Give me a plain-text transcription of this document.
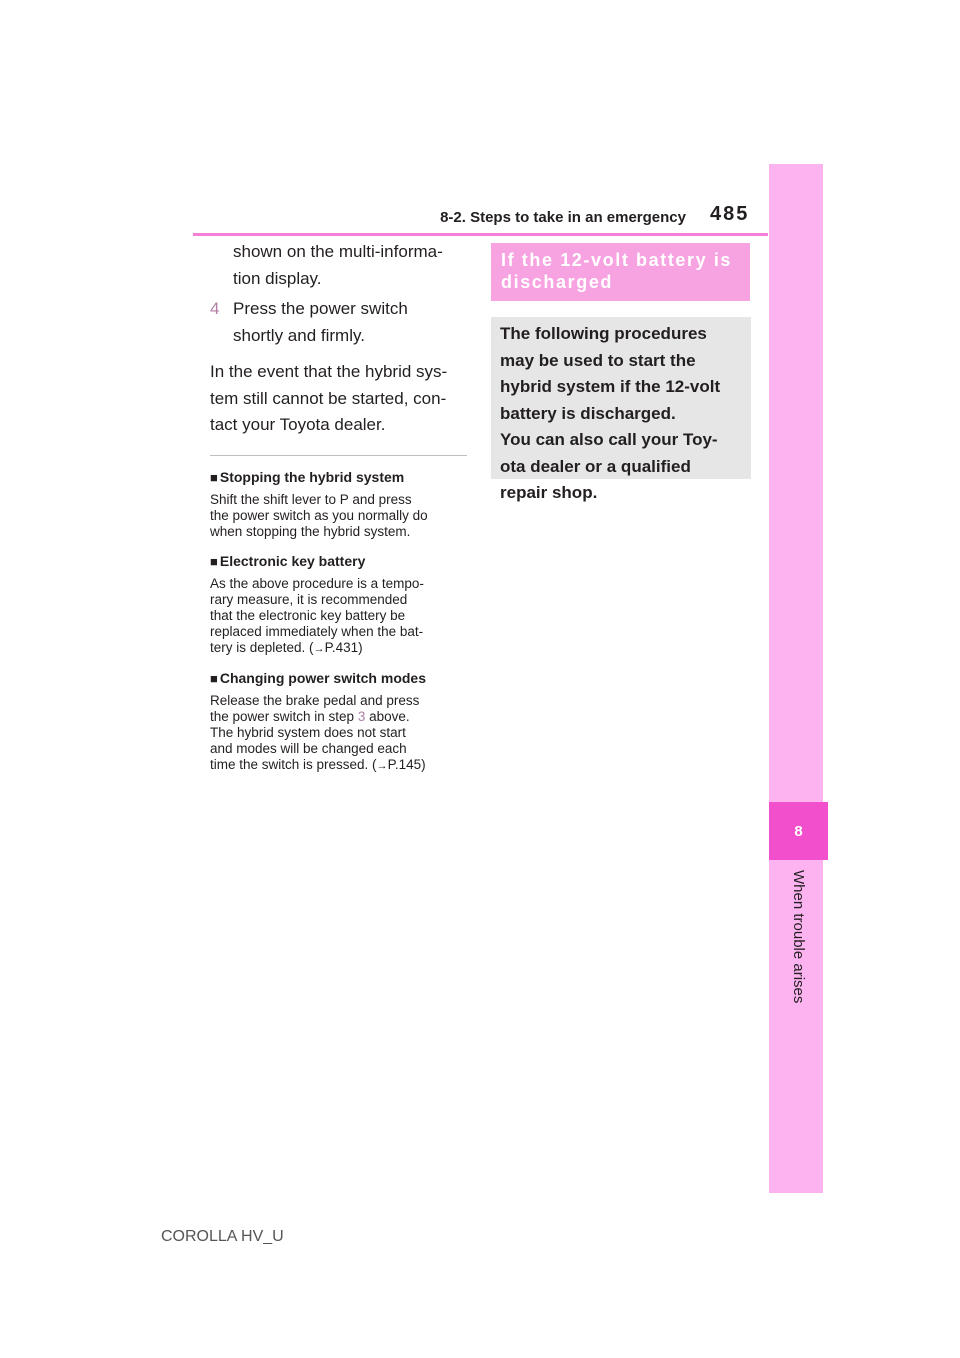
8-2. Steps to take in an emergency 485
8
When trouble arises
shown on the multi-informa-
tion display.
4 Press the power switch
shortly and firmly.
In the event that the hybrid sys-
tem still cannot be started, con-
tact your Toyota dealer.
■ Stopping the hybrid system
Shift the shift lever to P and press
the power switch as you normally do
when stopping the hybrid system.
■ Electronic key battery
As the above procedure is a tempo-
rary measure, it is recommended
that the electronic key battery be
replaced immediately when the bat-
tery is depleted. (→P.431)
■ Changing power switch modes
Release the brake pedal and press
the power switch in step 3 above.
The hybrid system does not start
and modes will be changed each
time the switch is pressed. (→P.145)
If the 12-volt battery is
discharged
The following procedures
may be used to start the
hybrid system if the 12-volt
battery is discharged.
You can also call your Toy-
ota dealer or a qualified
repair shop.
COROLLA HV_U
